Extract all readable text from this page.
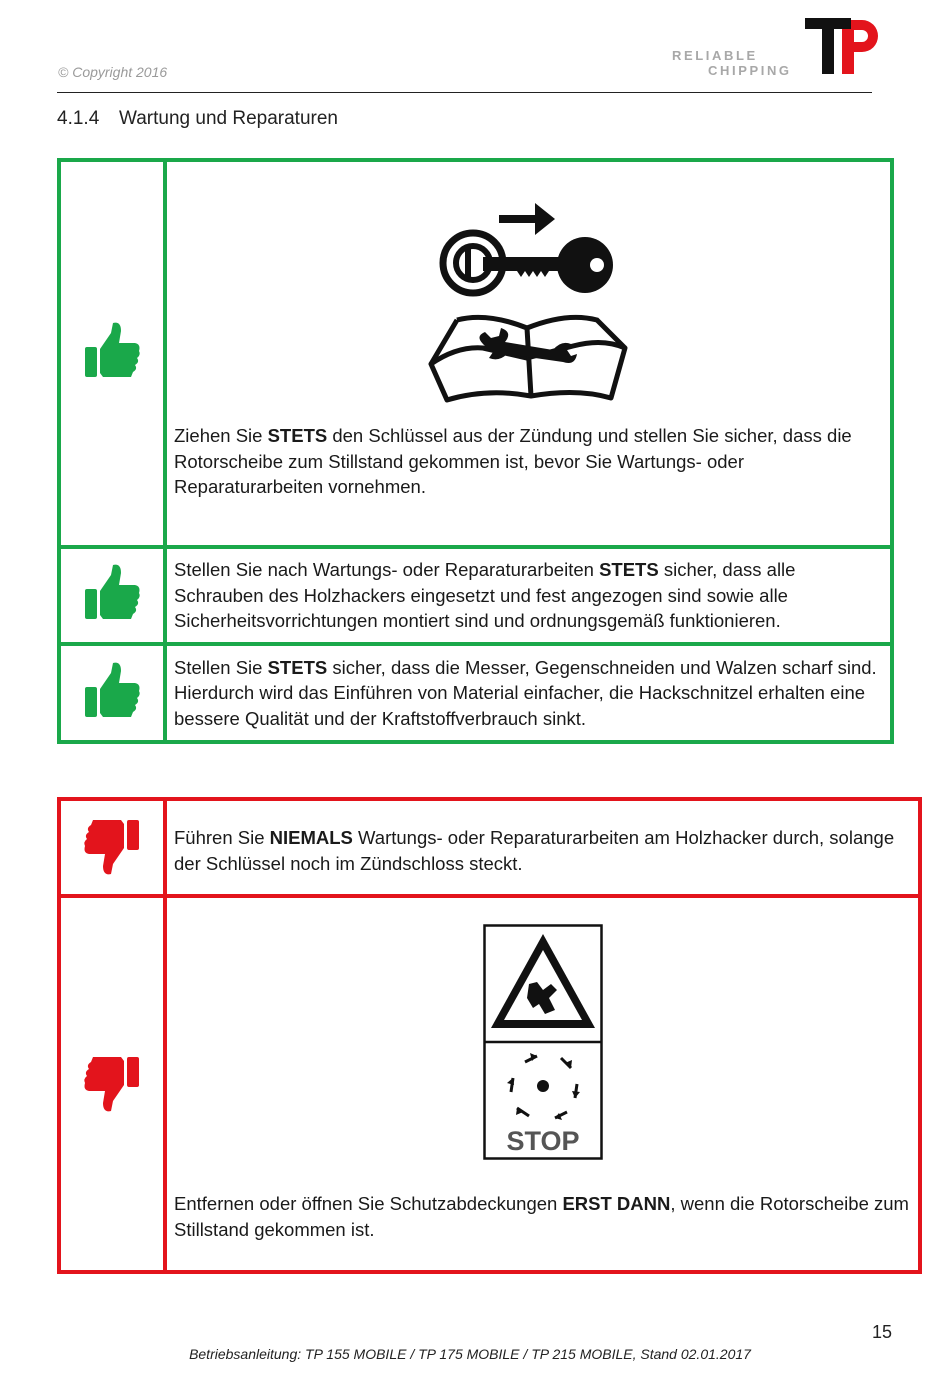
© Copyright 2016
RELIABLE
CHIPPING
4.1.4 Wartung und Reparaturen

Ziehen Sie STETS den Schlüssel aus der Zündung und stellen Sie sicher, dass die Rotorscheibe zum Stillstand gekommen ist, bevor Sie Wartungs- oder Reparaturarbeiten vornehmen.

Stellen Sie nach Wartungs- oder Reparaturarbeiten STETS sicher, dass alle Schrauben des Holzhackers eingesetzt und fest angezogen sind sowie alle Sicherheitsvorrichtungen montiert sind und ordnungsgemäß funktionieren.

Stellen Sie STETS sicher, dass die Messer, Gegenschneiden und Walzen scharf sind. Hierdurch wird das Einführen von Material einfacher, die Hackschnitzel erhalten eine bessere Qualität und der Kraftstoffverbrauch sinkt.

Führen Sie NIEMALS Wartungs- oder Reparaturarbeiten am Holzhacker durch, solange der Schlüssel noch im Zündschloss steckt.

STOP
Entfernen oder öffnen Sie Schutzabdeckungen ERST DANN, wenn die Rotorscheibe zum Stillstand gekommen ist.
15
Betriebsanleitung: TP 155 MOBILE / TP 175 MOBILE / TP 215 MOBILE, Stand 02.01.2017
